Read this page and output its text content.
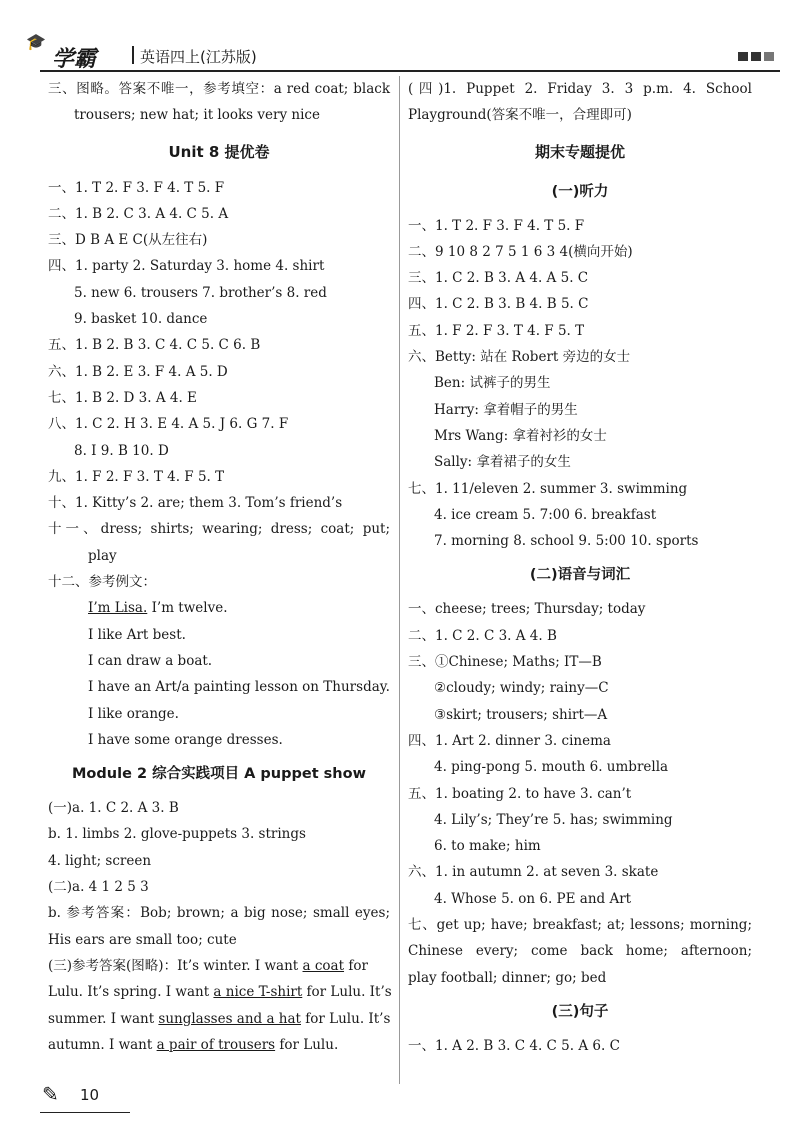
🎓
学霸	英语四上(江苏版)
三、图略。答案不唯一，参考填空：a red coat; black
trousers; new hat; it looks very nice
Unit 8 提优卷
一、1. T 2. F 3. F 4. T 5. F
二、1. B 2. C 3. A 4. C 5. A
三、D B A E C(从左往右)
四、1. party 2. Saturday 3. home 4. shirt
5. new 6. trousers 7. brother’s 8. red
9. basket 10. dance
五、1. B 2. B 3. C 4. C 5. C 6. B
六、1. B 2. E 3. F 4. A 5. D
七、1. B 2. D 3. A 4. E
八、1. C 2. H 3. E 4. A 5. J 6. G 7. F
8. I 9. B 10. D
九、1. F 2. F 3. T 4. F 5. T
十、1. Kitty’s 2. are; them 3. Tom’s friend’s
十一、dress; shirts; wearing; dress; coat; put;
play
十二、参考例文：
I’m Lisa. I’m twelve.
I like Art best.
I can draw a boat.
I have an Art/a painting lesson on Thursday.
I like orange.
I have some orange dresses.
Module 2 综合实践项目 A puppet show
(一)a. 1. C 2. A 3. B
b. 1. limbs 2. glove-puppets 3. strings
4. light; screen
(二)a. 4 1 2 5 3
b. 参考答案：Bob; brown; a big nose; small eyes;
His ears are small too; cute
(三)参考答案(图略)：It’s winter. I want a coat for
Lulu. It’s spring. I want a nice T-shirt for Lulu. It’s
summer. I want sunglasses and a hat for Lulu. It’s
autumn. I want a pair of trousers for Lulu.
(四)1. Puppet 2. Friday 3. 3 p.m. 4. School
Playground(答案不唯一，合理即可)
期末专题提优
(一)听力
一、1. T 2. F 3. F 4. T 5. F
二、9 10 8 2 7 5 1 6 3 4(横向开始)
三、1. C 2. B 3. A 4. A 5. C
四、1. C 2. B 3. B 4. B 5. C
五、1. F 2. F 3. T 4. F 5. T
六、Betty: 站在 Robert 旁边的女士
Ben: 试裤子的男生
Harry: 拿着帽子的男生
Mrs Wang: 拿着衬衫的女士
Sally: 拿着裙子的女生
七、1. 11/eleven 2. summer 3. swimming
4. ice cream 5. 7:00 6. breakfast
7. morning 8. school 9. 5:00 10. sports
(二)语音与词汇
一、cheese; trees; Thursday; today
二、1. C 2. C 3. A 4. B
三、①Chinese; Maths; IT—B
②cloudy; windy; rainy—C
③skirt; trousers; shirt—A
四、1. Art 2. dinner 3. cinema
4. ping-pong 5. mouth 6. umbrella
五、1. boating 2. to have 3. can’t
4. Lily’s; They’re 5. has; swimming
6. to make; him
六、1. in autumn 2. at seven 3. skate
4. Whose 5. on 6. PE and Art
七、get up; have; breakfast; at; lessons; morning;
Chinese every; come back home; afternoon;
play football; dinner; go; bed
(三)句子
一、1. A 2. B 3. C 4. C 5. A 6. C
✎ 10
